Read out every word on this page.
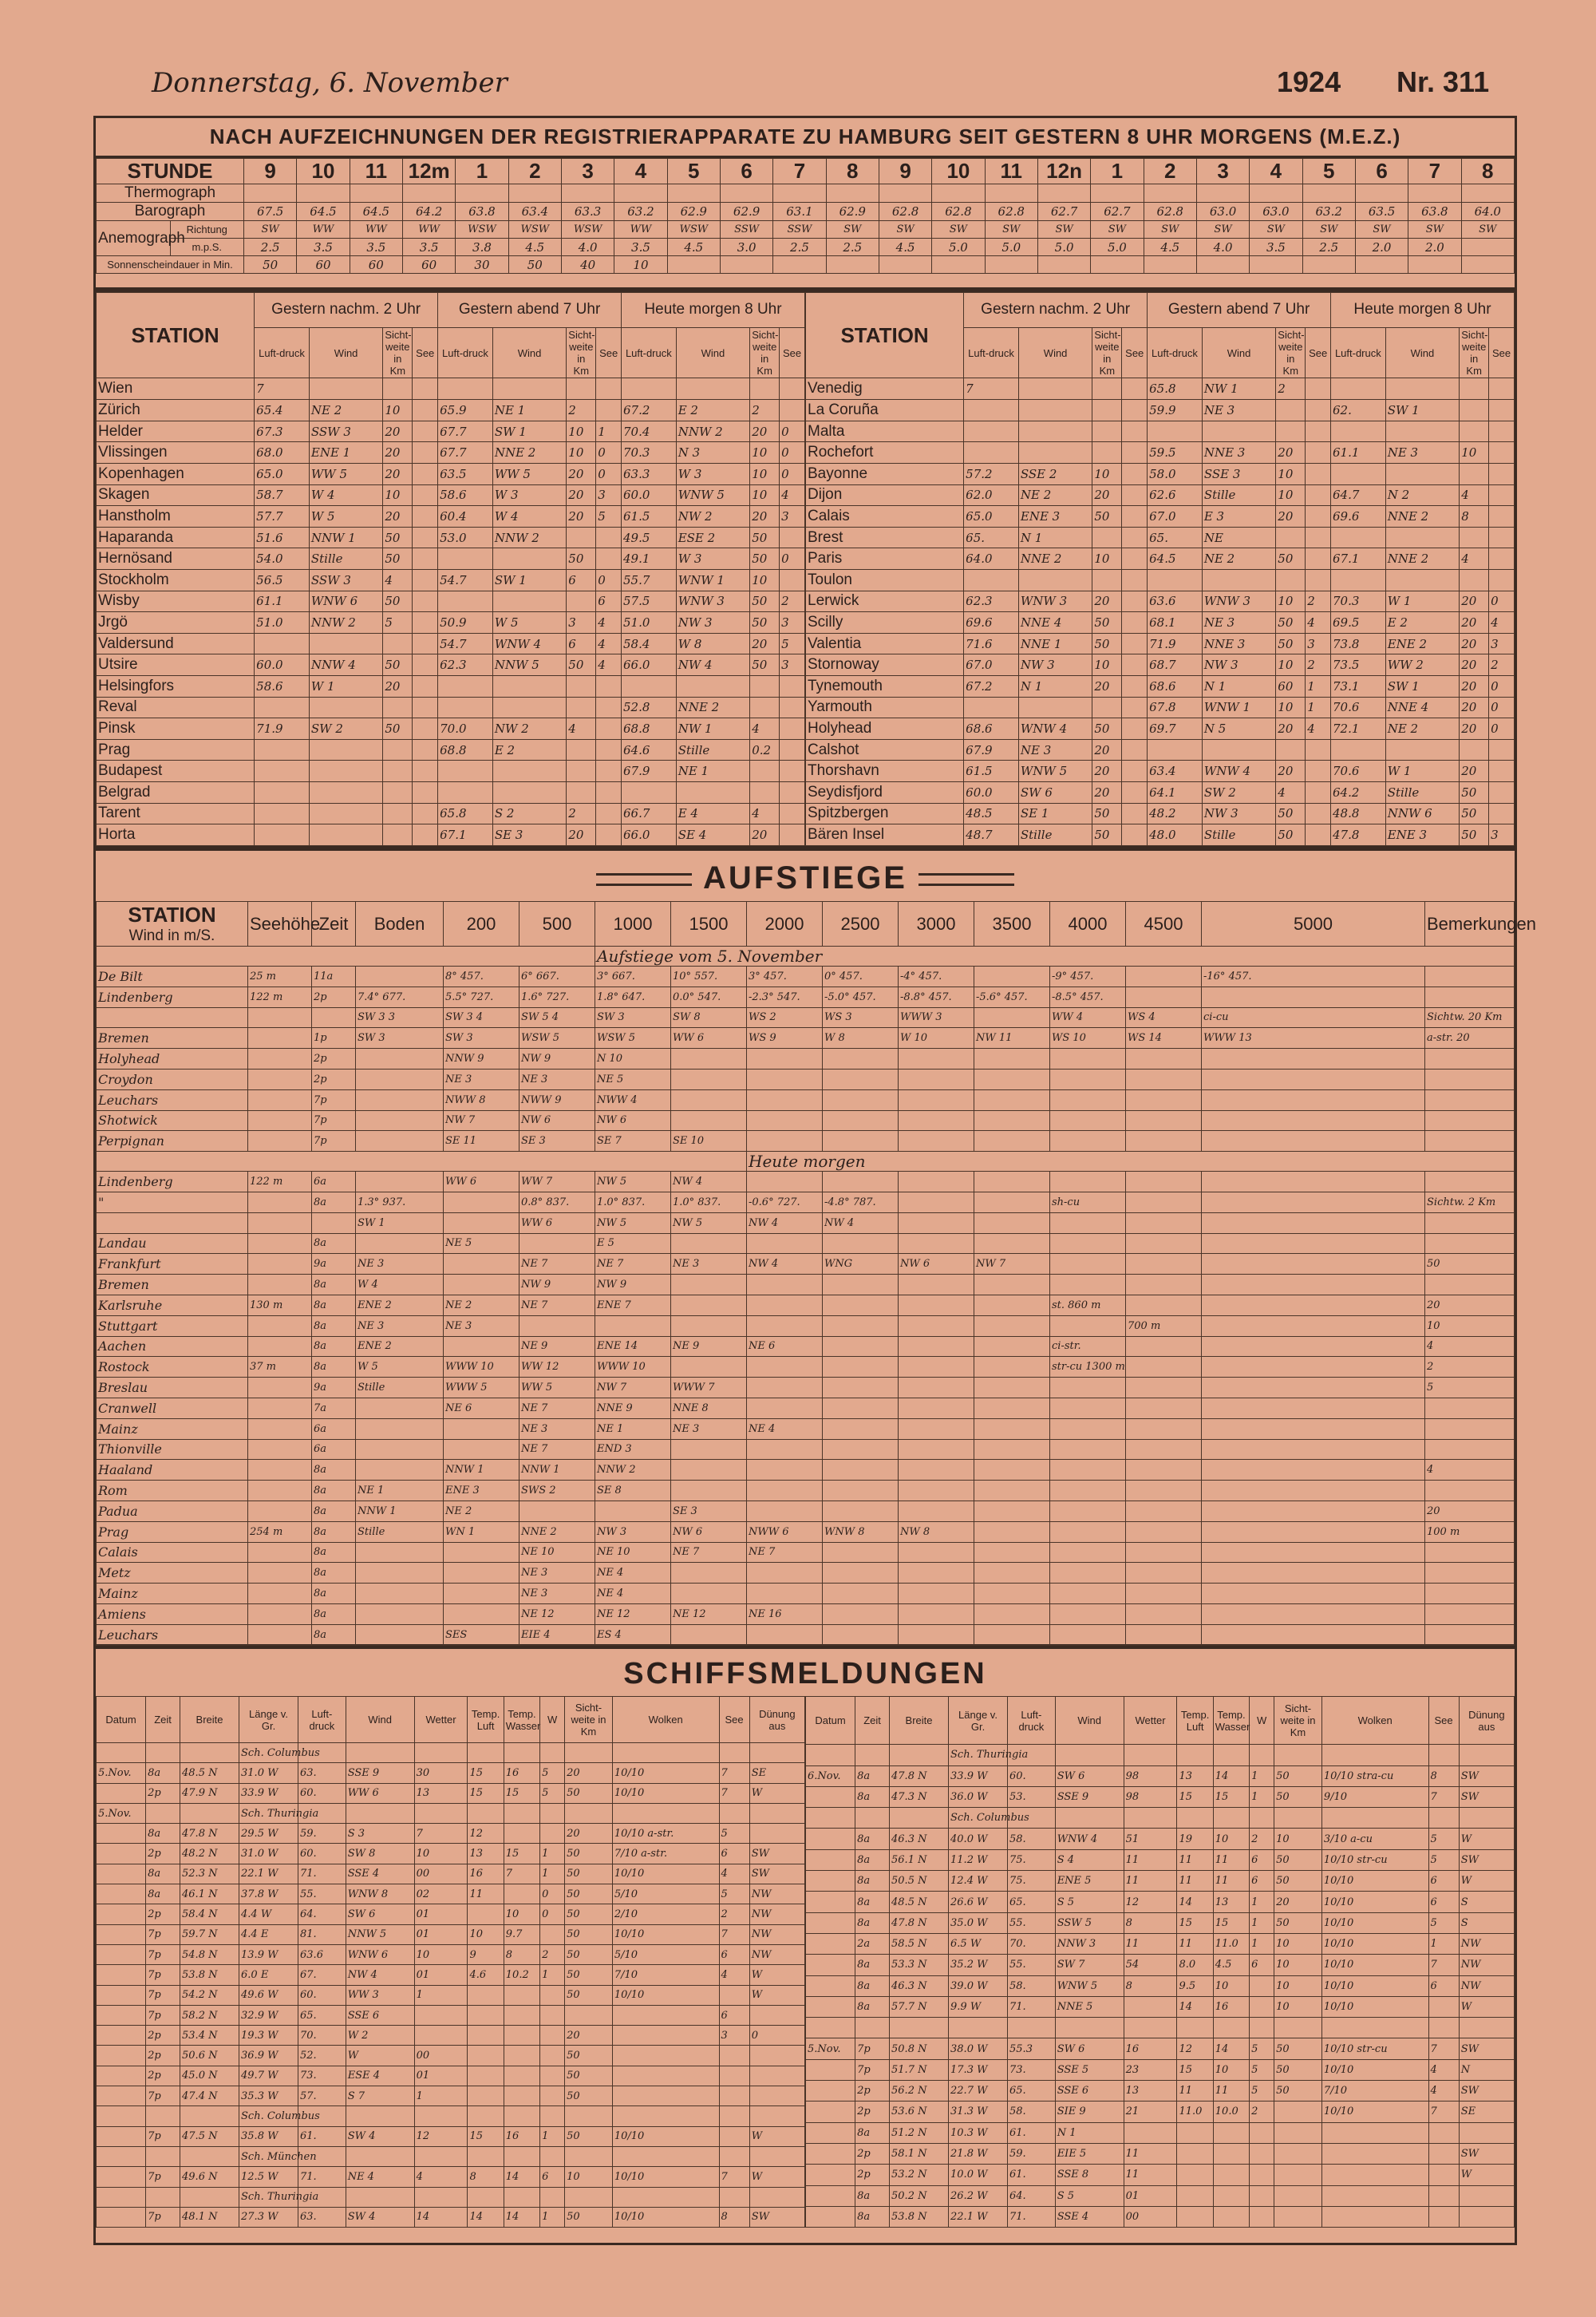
Donnerstag, 6. November	1924 Nr. 311
NACH AUFZEICHNUNGEN DER REGISTRIERAPPARATE ZU HAMBURG SEIT GESTERN 8 UHR MORGENS (M.E.Z.)
STUNDE		9	10	11	12m	1	2	3	4	5	6	7	8	9	10	11	12n	1	2	3	4	5	6	7	8
Thermograph																									
Barograph		67.5	64.5	64.5	64.2	63.8	63.4	63.3	63.2	62.9	62.9	63.1	62.9	62.8	62.8	62.8	62.7	62.7	62.8	63.0	63.0	63.2	63.5	63.8	64.0
Anemograph	Richtung	SW	WW	WW	WW	WSW	WSW	WSW	WW	WSW	SSW	SSW	SW	SW	SW	SW	SW	SW	SW	SW	SW	SW	SW	SW	SW
	m.p.S.	2.5	3.5	3.5	3.5	3.8	4.5	4.0	3.5	4.5	3.0	2.5	2.5	4.5	5.0	5.0	5.0	5.0	4.5	4.0	3.5	2.5	2.0	2.0	
Sonnenscheindauer in Min.		50	60	60	60	30	50	40	10																
STATION	Gestern nachm. 2 Uhr				Gestern abend 7 Uhr				Heute morgen 8 Uhr			
	Luft-druck	Wind	Sicht-weite in Km	See	Luft-druck	Wind	Sicht-weite in Km	See	Luft-druck	Wind	Sicht-weite in Km	See
Wien	7											
Zürich	65.4	NE 2	10		65.9	NE 1	2		67.2	E 2	2	
Helder	67.3	SSW 3	20		67.7	SW 1	10	1	70.4	NNW 2	20	0
Vlissingen	68.0	ENE 1	20		67.7	NNE 2	10	0	70.3	N 3	10	0
Kopenhagen	65.0	WW 5	20		63.5	WW 5	20	0	63.3	W 3	10	0
Skagen	58.7	W 4	10		58.6	W 3	20	3	60.0	WNW 5	10	4
Hanstholm	57.7	W 5	20		60.4	W 4	20	5	61.5	NW 2	20	3
Haparanda	51.6	NNW 1	50		53.0	NNW 2			49.5	ESE 2	50	
Hernösand	54.0	Stille	50				50		49.1	W 3	50	0
Stockholm	56.5	SSW 3	4		54.7	SW 1	6	0	55.7	WNW 1	10	
Wisby	61.1	WNW 6	50					6	57.5	WNW 3	50	2
Jrgö	51.0	NNW 2	5		50.9	W 5	3	4	51.0	NW 3	50	3
Valdersund					54.7	WNW 4	6	4	58.4	W 8	20	5
Utsire	60.0	NNW 4	50		62.3	NNW 5	50	4	66.0	NW 4	50	3
Helsingfors	58.6	W 1	20									
Reval									52.8	NNE 2		
Pinsk	71.9	SW 2	50		70.0	NW 2	4		68.8	NW 1	4	
Prag					68.8	E 2			64.6	Stille	0.2	
Budapest									67.9	NE 1		
Belgrad												
Tarent					65.8	S 2	2		66.7	E 4	4	
Horta					67.1	SE 3	20		66.0	SE 4	20	
STATION	Gestern nachm. 2 Uhr				Gestern abend 7 Uhr				Heute morgen 8 Uhr			
	Luft-druck	Wind	Sicht-weite in Km	See	Luft-druck	Wind	Sicht-weite in Km	See	Luft-druck	Wind	Sicht-weite in Km	See
Venedig	7				65.8	NW 1	2					
La Coruña					59.9	NE 3			62.	SW 1		
Malta												
Rochefort					59.5	NNE 3	20		61.1	NE 3	10	
Bayonne	57.2	SSE 2	10		58.0	SSE 3	10					
Dijon	62.0	NE 2	20		62.6	Stille	10		64.7	N 2	4	
Calais	65.0	ENE 3	50		67.0	E 3	20		69.6	NNE 2	8	
Brest	65.	N 1			65.	NE						
Paris	64.0	NNE 2	10		64.5	NE 2	50		67.1	NNE 2	4	
Toulon												
Lerwick	62.3	WNW 3	20		63.6	WNW 3	10	2	70.3	W 1	20	0
Scilly	69.6	NNE 4	50		68.1	NE 3	50	4	69.5	E 2	20	4
Valentia	71.6	NNE 1	50		71.9	NNE 3	50	3	73.8	ENE 2	20	3
Stornoway	67.0	NW 3	10		68.7	NW 3	10	2	73.5	WW 2	20	2
Tynemouth	67.2	N 1	20		68.6	N 1	60	1	73.1	SW 1	20	0
Yarmouth					67.8	WNW 1	10	1	70.6	NNE 4	20	0
Holyhead	68.6	WNW 4	50		69.7	N 5	20	4	72.1	NE 2	20	0
Calshot	67.9	NE 3	20									
Thorshavn	61.5	WNW 5	20		63.4	WNW 4	20		70.6	W 1	20	
Seydisfjord	60.0	SW 6	20		64.1	SW 2	4		64.2	Stille	50	
Spitzbergen	48.5	SE 1	50		48.2	NW 3	50		48.8	NNW 6	50	
Bären Insel	48.7	Stille	50		48.0	Stille	50		47.8	ENE 3	50	3
AUFSTIEGE
STATION
Wind in m/S.	Seehöhe	Zeit	Boden	200	500	1000	1500	2000	2500	3000	3500	4000	4500	5000	Bemerkungen
						Aufstiege vom 5. November									
De Bilt	25 m	11a		8° 457.	6° 667.	3° 667.	10° 557.	3° 457.	0° 457.	-4° 457.		-9° 457.		-16° 457.	
Lindenberg	122 m	2p	7.4° 677.	5.5° 727.	1.6° 727.	1.8° 647.	0.0° 547.	-2.3° 547.	-5.0° 457.	-8.8° 457.	-5.6° 457.	-8.5° 457.			
			SW 3 3	SW 3 4	SW 5 4	SW 3	SW 8	WS 2	WS 3	WWW 3		WW 4	WS 4	ci-cu	Sichtw. 20 Km
Bremen		1p	SW 3	SW 3	WSW 5	WSW 5	WW 6	WS 9	W 8	W 10	NW 11	WS 10	WS 14	WWW 13	a-str. 20
Holyhead		2p		NNW 9	NW 9	N 10									
Croydon		2p		NE 3	NE 3	NE 5									
Leuchars		7p		NWW 8	NWW 9	NWW 4									
Shotwick		7p		NW 7	NW 6	NW 6									
Perpignan		7p		SE 11	SE 3	SE 7	SE 10								
								Heute morgen							
Lindenberg	122 m	6a		WW 6	WW 7	NW 5	NW 4								
"		8a	1.3° 937.		0.8° 837.	1.0° 837.	1.0° 837.	-0.6° 727.	-4.8° 787.			sh-cu			Sichtw. 2 Km
			SW 1		WW 6	NW 5	NW 5	NW 4	NW 4						
Landau		8a		NE 5		E 5									
Frankfurt		9a	NE 3		NE 7	NE 7	NE 3	NW 4	WNG	NW 6	NW 7				50
Bremen		8a	W 4		NW 9	NW 9									
Karlsruhe	130 m	8a	ENE 2	NE 2	NE 7	ENE 7						st. 860 m			20
Stuttgart		8a	NE 3	NE 3									700 m		10
Aachen		8a	ENE 2		NE 9	ENE 14	NE 9	NE 6				ci-str.			4
Rostock	37 m	8a	W 5	WWW 10	WW 12	WWW 10						str-cu 1300 m			2
Breslau		9a	Stille	WWW 5	WW 5	NW 7	WWW 7								5
Cranwell		7a		NE 6	NE 7	NNE 9	NNE 8								
Mainz		6a			NE 3	NE 1	NE 3	NE 4							
Thionville		6a			NE 7	END 3									
Haaland		8a		NNW 1	NNW 1	NNW 2									4
Rom		8a	NE 1	ENE 3	SWS 2	SE 8									
Padua		8a	NNW 1	NE 2			SE 3								20
Prag	254 m	8a	Stille	WN 1	NNE 2	NW 3	NW 6	NWW 6	WNW 8	NW 8					100 m
Calais		8a			NE 10	NE 10	NE 7	NE 7							
Metz		8a			NE 3	NE 4									
Mainz		8a			NE 3	NE 4									
Amiens		8a			NE 12	NE 12	NE 12	NE 16							
Leuchars		8a		SES	EIE 4	ES 4									
SCHIFFSMELDUNGEN
Datum	Zeit	Breite	Länge v. Gr.	Luft-druck	Wind	Wetter	Temp. Luft	Temp. Wasser	W	Sicht-weite in Km	Wolken	See	Dünung aus
			Sch. Columbus										
5.Nov.	8a	48.5 N	31.0 W	63.	SSE 9	30	15	16	5	20	10/10	7	SE
	2p	47.9 N	33.9 W	60.	WW 6	13	15	15	5	50	10/10	7	W
5.Nov.			Sch. Thuringia										
	8a	47.8 N	29.5 W	59.	S 3	7	12			20	10/10 a-str.	5	
	2p	48.2 N	31.0 W	60.	SW 8	10	13	15	1	50	7/10 a-str.	6	SW
	8a	52.3 N	22.1 W	71.	SSE 4	00	16	7	1	50	10/10	4	SW
	8a	46.1 N	37.8 W	55.	WNW 8	02	11		0	50	5/10	5	NW
	2p	58.4 N	4.4 W	64.	SW 6	01		10	0	50	2/10	2	NW
	7p	59.7 N	4.4 E	81.	NNW 5	01	10	9.7		50	10/10	7	NW
	7p	54.8 N	13.9 W	63.6	WNW 6	10	9	8	2	50	5/10	6	NW
	7p	53.8 N	6.0 E	67.	NW 4	01	4.6	10.2	1	50	7/10	4	W
	7p	54.2 N	49.6 W	60.	WW 3	1				50	10/10		W
	7p	58.2 N	32.9 W	65.	SSE 6							6	
	2p	53.4 N	19.3 W	70.	W 2					20		3	0
	2p	50.6 N	36.9 W	52.	W	00				50			
	2p	45.0 N	49.7 W	73.	ESE 4	01				50			
	7p	47.4 N	35.3 W	57.	S 7	1				50			
			Sch. Columbus										
	7p	47.5 N	35.8 W	61.	SW 4	12	15	16	1	50	10/10		W
			Sch. München										
	7p	49.6 N	12.5 W	71.	NE 4	4	8	14	6	10	10/10	7	W
			Sch. Thuringia										
	7p	48.1 N	27.3 W	63.	SW 4	14	14	14	1	50	10/10	8	SW
Datum	Zeit	Breite	Länge v. Gr.	Luft-druck	Wind	Wetter	Temp. Luft	Temp. Wasser	W	Sicht-weite in Km	Wolken	See	Dünung aus
			Sch. Thuringia										
6.Nov.	8a	47.8 N	33.9 W	60.	SW 6	98	13	14	1	50	10/10 stra-cu	8	SW
	8a	47.3 N	36.0 W	53.	SSE 9	98	15	15	1	50	9/10	7	SW
			Sch. Columbus										
	8a	46.3 N	40.0 W	58.	WNW 4	51	19	10	2	10	3/10 a-cu	5	W
	8a	56.1 N	11.2 W	75.	S 4	11	11	11	6	50	10/10 str-cu	5	SW
	8a	50.5 N	12.4 W	75.	ENE 5	11	11	11	6	50	10/10	6	W
	8a	48.5 N	26.6 W	65.	S 5	12	14	13	1	20	10/10	6	S
	8a	47.8 N	35.0 W	55.	SSW 5	8	15	15	1	50	10/10	5	S
	2a	58.5 N	6.5 W	70.	NNW 3	11	11	11.0	1	10	10/10	1	NW
	8a	53.3 N	35.2 W	55.	SW 7	54	8.0	4.5	6	10	10/10	7	NW
	8a	46.3 N	39.0 W	58.	WNW 5	8	9.5	10		10	10/10	6	NW
	8a	57.7 N	9.9 W	71.	NNE 5		14	16		10	10/10		W

5.Nov.	7p	50.8 N	38.0 W	55.3	SW 6	16	12	14	5	50	10/10 str-cu	7	SW
	7p	51.7 N	17.3 W	73.	SSE 5	23	15	10	5	50	10/10	4	N
	2p	56.2 N	22.7 W	65.	SSE 6	13	11	11	5	50	7/10	4	SW
	2p	53.6 N	31.3 W	58.	SIE 9	21	11.0	10.0	2		10/10	7	SE
	8a	51.2 N	10.3 W	61.	N 1								
	2p	58.1 N	21.8 W	59.	EIE 5	11							SW
	2p	53.2 N	10.0 W	61.	SSE 8	11							W
	8a	50.2 N	26.2 W	64.	S 5	01							
	8a	53.8 N	22.1 W	71.	SSE 4	00							
